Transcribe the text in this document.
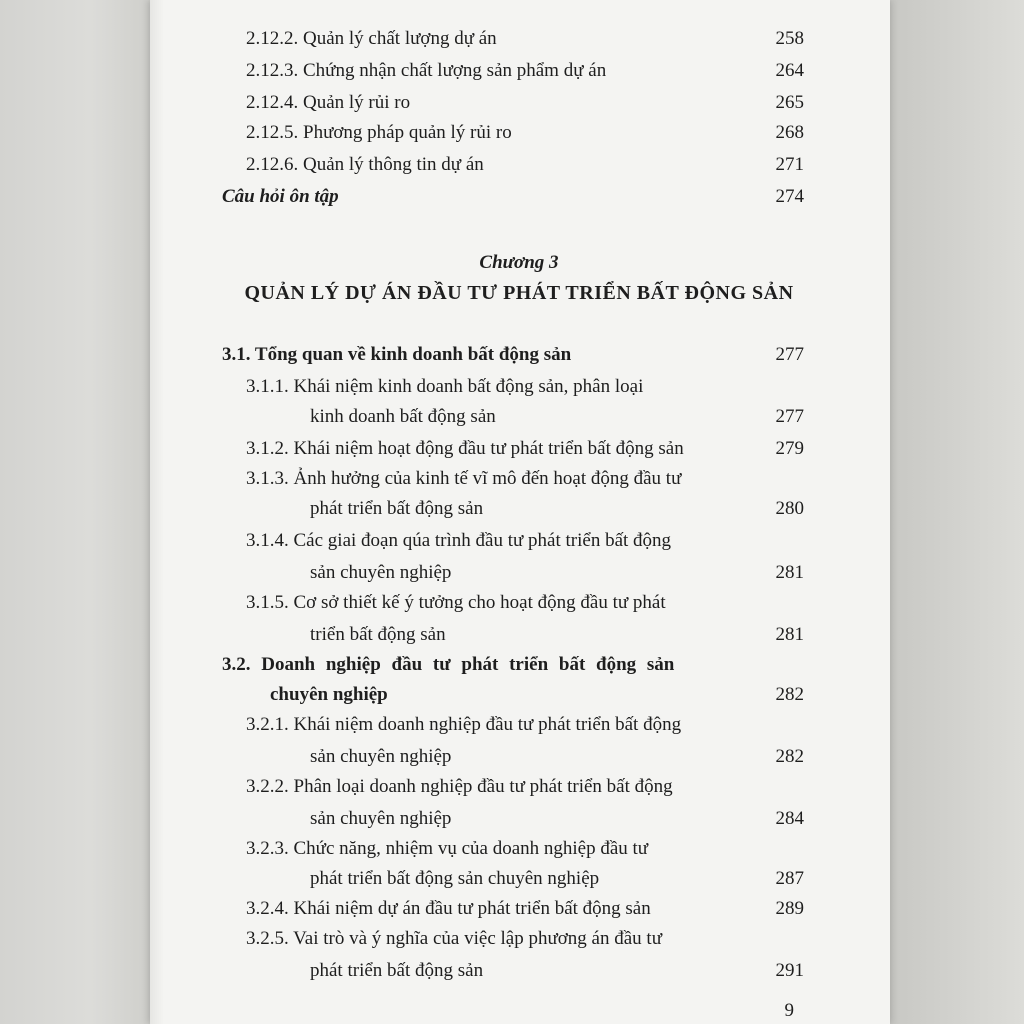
2.12.2. Quản lý chất lượng dự án	258
2.12.3. Chứng nhận chất lượng sản phẩm dự án	264
2.12.4. Quản lý rủi ro	265
2.12.5. Phương pháp quản lý rủi ro	268
2.12.6. Quản lý thông tin dự án	271
Câu hỏi ôn tập	274
Chương 3
QUẢN LÝ DỰ ÁN ĐẦU TƯ PHÁT TRIỂN BẤT ĐỘNG SẢN
3.1. Tổng quan về kinh doanh bất động sản	277
3.1.1. Khái niệm kinh doanh bất động sản, phân loại
kinh doanh bất động sản	277
3.1.2. Khái niệm hoạt động đầu tư phát triển bất động sản	279
3.1.3. Ảnh hưởng của kinh tế vĩ mô đến hoạt động đầu tư
phát triển bất động sản	280
3.1.4. Các giai đoạn qúa trình đầu tư phát triển bất động
sản chuyên nghiệp	281
3.1.5. Cơ sở thiết kế ý tưởng cho hoạt động đầu tư phát
triển bất động sản	281
3.2. Doanh nghiệp đầu tư phát triển bất động sản
chuyên nghiệp	282
3.2.1. Khái niệm doanh nghiệp đầu tư phát triển bất động
sản chuyên nghiệp	282
3.2.2. Phân loại doanh nghiệp đầu tư phát triển bất động
sản chuyên nghiệp	284
3.2.3. Chức năng, nhiệm vụ của doanh nghiệp đầu tư
phát triển bất động sản chuyên nghiệp	287
3.2.4. Khái niệm dự án đầu tư phát triển bất động sản	289
3.2.5. Vai trò và ý nghĩa của việc lập phương án đầu tư
phát triển bất động sản	291
9
